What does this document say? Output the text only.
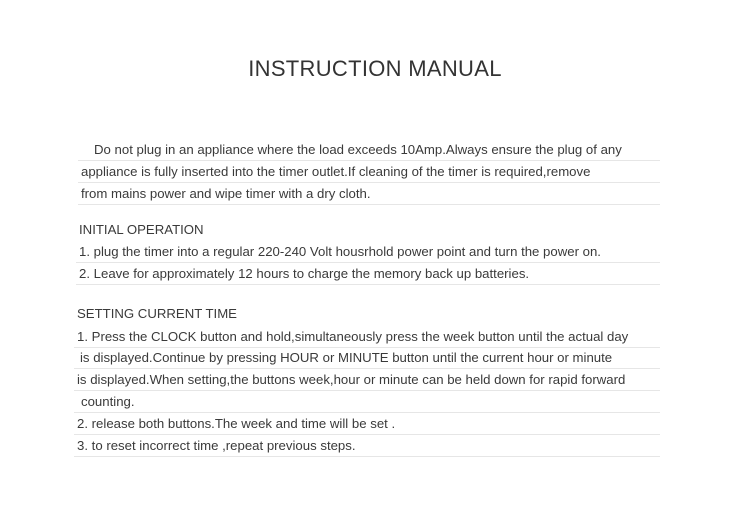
INSTRUCTION MANUAL
Do not plug in an appliance where the load exceeds 10Amp.Always ensure the plug of any
appliance is fully inserted into the timer outlet.If cleaning of the timer is required,remove
from mains power and wipe timer with a dry cloth.
INITIAL OPERATION
1. plug the timer into a regular 220-240 Volt housrhold power point and turn the power on.
2. Leave for approximately 12 hours to charge the memory back up batteries.
SETTING CURRENT TIME
1. Press the CLOCK button and hold,simultaneously press the week button until the actual day
is displayed.Continue by pressing HOUR or MINUTE button until the current hour or minute
is displayed.When setting,the buttons week,hour or minute can be held down for rapid forward
counting.
2. release both buttons.The week and time will be set .
3. to reset incorrect time ,repeat previous steps.
